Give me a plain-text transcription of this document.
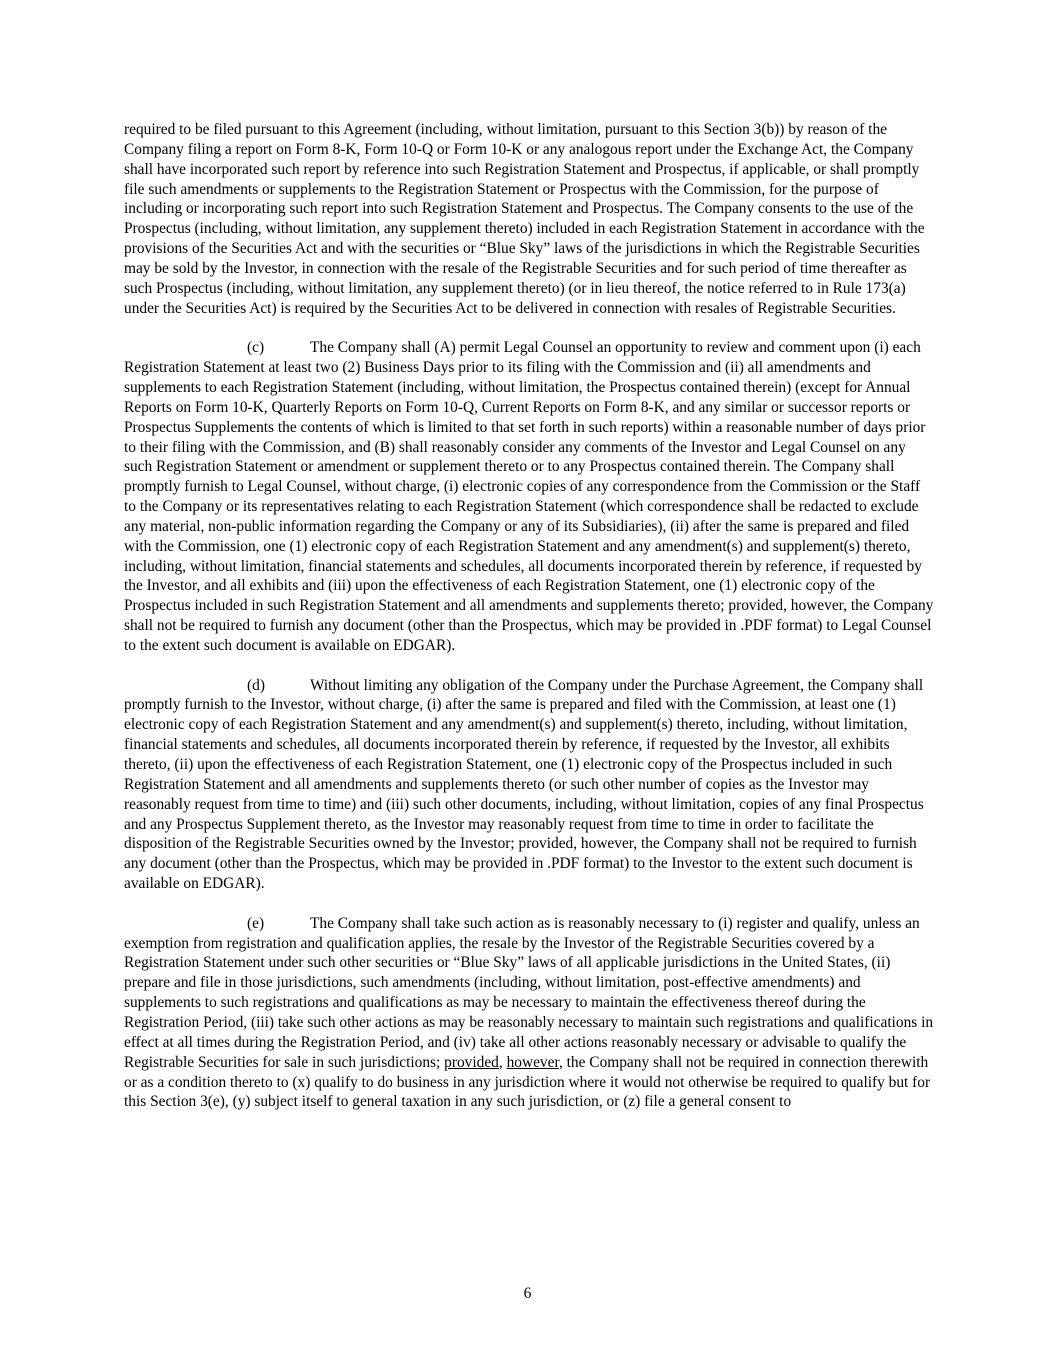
required to be filed pursuant to this Agreement (including, without limitation, pursuant to this Section 3(b)) by reason of the Company filing a report on Form 8-K, Form 10-Q or Form 10-K or any analogous report under the Exchange Act, the Company shall have incorporated such report by reference into such Registration Statement and Prospectus, if applicable, or shall promptly file such amendments or supplements to the Registration Statement or Prospectus with the Commission, for the purpose of including or incorporating such report into such Registration Statement and Prospectus. The Company consents to the use of the Prospectus (including, without limitation, any supplement thereto) included in each Registration Statement in accordance with the provisions of the Securities Act and with the securities or “Blue Sky” laws of the jurisdictions in which the Registrable Securities may be sold by the Investor, in connection with the resale of the Registrable Securities and for such period of time thereafter as such Prospectus (including, without limitation, any supplement thereto) (or in lieu thereof, the notice referred to in Rule 173(a) under the Securities Act) is required by the Securities Act to be delivered in connection with resales of Registrable Securities.

(c)	The Company shall (A) permit Legal Counsel an opportunity to review and comment upon (i) each Registration Statement at least two (2) Business Days prior to its filing with the Commission and (ii) all amendments and supplements to each Registration Statement (including, without limitation, the Prospectus contained therein) (except for Annual Reports on Form 10-K, Quarterly Reports on Form 10-Q, Current Reports on Form 8-K, and any similar or successor reports or Prospectus Supplements the contents of which is limited to that set forth in such reports) within a reasonable number of days prior to their filing with the Commission, and (B) shall reasonably consider any comments of the Investor and Legal Counsel on any such Registration Statement or amendment or supplement thereto or to any Prospectus contained therein. The Company shall promptly furnish to Legal Counsel, without charge, (i) electronic copies of any correspondence from the Commission or the Staff to the Company or its representatives relating to each Registration Statement (which correspondence shall be redacted to exclude any material, non-public information regarding the Company or any of its Subsidiaries), (ii) after the same is prepared and filed with the Commission, one (1) electronic copy of each Registration Statement and any amendment(s) and supplement(s) thereto, including, without limitation, financial statements and schedules, all documents incorporated therein by reference, if requested by the Investor, and all exhibits and (iii) upon the effectiveness of each Registration Statement, one (1) electronic copy of the Prospectus included in such Registration Statement and all amendments and supplements thereto; provided, however, the Company shall not be required to furnish any document (other than the Prospectus, which may be provided in .PDF format) to Legal Counsel to the extent such document is available on EDGAR).

(d)	Without limiting any obligation of the Company under the Purchase Agreement, the Company shall promptly furnish to the Investor, without charge, (i) after the same is prepared and filed with the Commission, at least one (1) electronic copy of each Registration Statement and any amendment(s) and supplement(s) thereto, including, without limitation, financial statements and schedules, all documents incorporated therein by reference, if requested by the Investor, all exhibits thereto, (ii) upon the effectiveness of each Registration Statement, one (1) electronic copy of the Prospectus included in such Registration Statement and all amendments and supplements thereto (or such other number of copies as the Investor may reasonably request from time to time) and (iii) such other documents, including, without limitation, copies of any final Prospectus and any Prospectus Supplement thereto, as the Investor may reasonably request from time to time in order to facilitate the disposition of the Registrable Securities owned by the Investor; provided, however, the Company shall not be required to furnish any document (other than the Prospectus, which may be provided in .PDF format) to the Investor to the extent such document is available on EDGAR).

(e)	The Company shall take such action as is reasonably necessary to (i) register and qualify, unless an exemption from registration and qualification applies, the resale by the Investor of the Registrable Securities covered by a Registration Statement under such other securities or “Blue Sky” laws of all applicable jurisdictions in the United States, (ii) prepare and file in those jurisdictions, such amendments (including, without limitation, post-effective amendments) and supplements to such registrations and qualifications as may be necessary to maintain the effectiveness thereof during the Registration Period, (iii) take such other actions as may be reasonably necessary to maintain such registrations and qualifications in effect at all times during the Registration Period, and (iv) take all other actions reasonably necessary or advisable to qualify the Registrable Securities for sale in such jurisdictions; provided, however, the Company shall not be required in connection therewith or as a condition thereto to (x) qualify to do business in any jurisdiction where it would not otherwise be required to qualify but for this Section 3(e), (y) subject itself to general taxation in any such jurisdiction, or (z) file a general consent to

6
